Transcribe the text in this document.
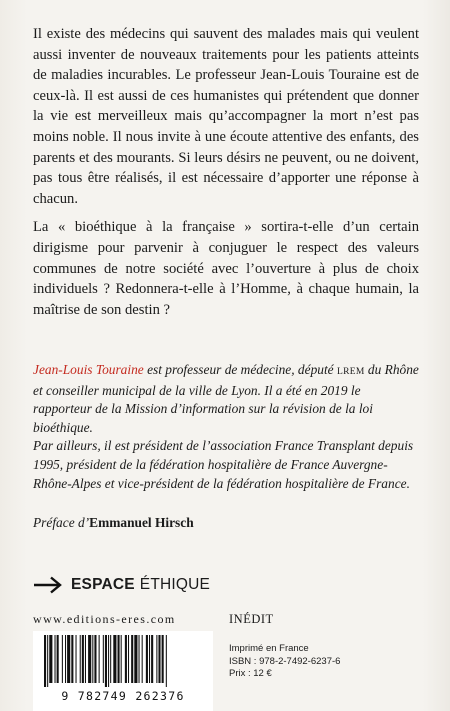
Il existe des médecins qui sauvent des malades mais qui veulent aussi inventer de nouveaux traitements pour les patients atteints de maladies incurables. Le professeur Jean-Louis Touraine est de ceux-là. Il est aussi de ces humanistes qui prétendent que donner la vie est merveilleux mais qu’accompagner la mort n’est pas moins noble. Il nous invite à une écoute attentive des enfants, des parents et des mourants. Si leurs désirs ne peuvent, ou ne doivent, pas tous être réalisés, il est nécessaire d’apporter une réponse à chacun.

La « bioéthique à la française » sortira-t-elle d’un certain dirigisme pour parvenir à conjuguer le respect des valeurs communes de notre société avec l’ouverture à plus de choix individuels ? Redonnera-t-elle à l’Homme, à chaque humain, la maîtrise de son destin ?

Jean-Louis Touraine est professeur de médecine, député LREM du Rhône et conseiller municipal de la ville de Lyon. Il a été en 2019 le rapporteur de la Mission d’information sur la révision de la loi bioéthique.
Par ailleurs, il est président de l’association France Transplant depuis 1995, président de la fédération hospitalière de France Auvergne-Rhône-Alpes et vice-président de la fédération hospitalière de France.
Préface d’Emmanuel Hirsch
ESPACE ÉTHIQUE
www.editions-eres.com	INÉDIT
9 782749 262376
Imprimé en France
ISBN : 978-2-7492-6237-6
Prix : 12 €
